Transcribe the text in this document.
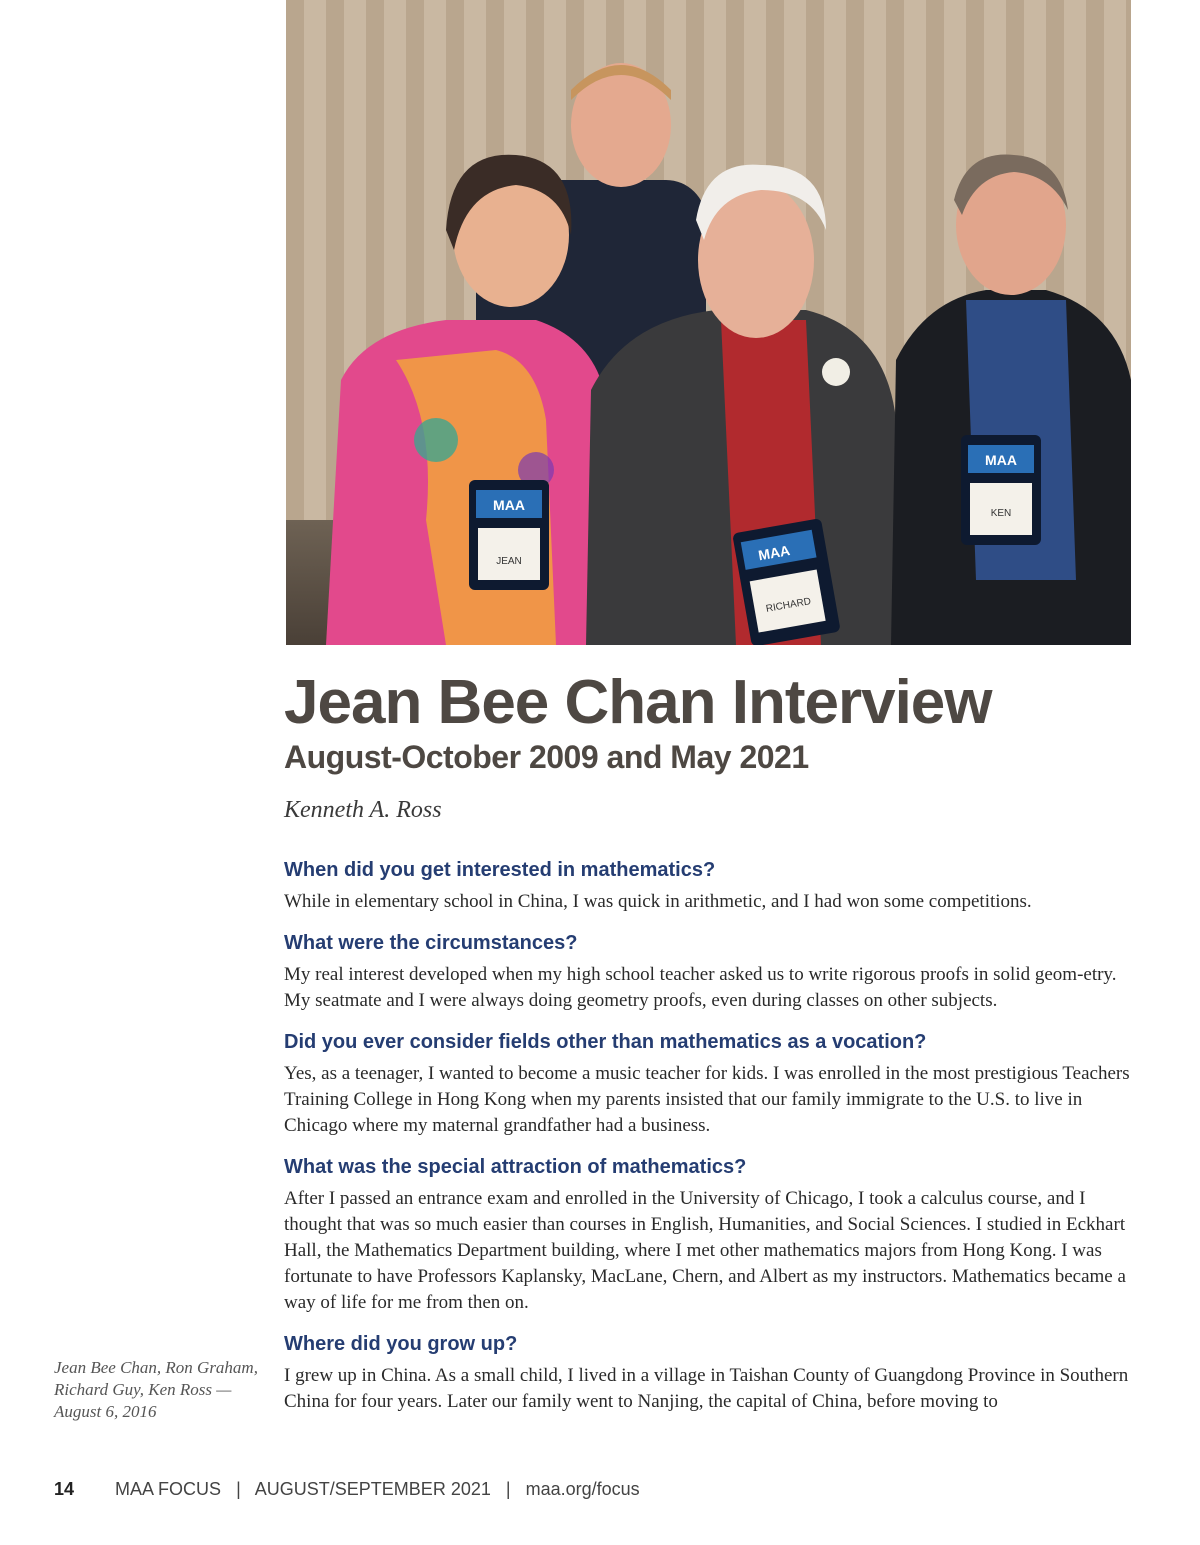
MAA
JEAN	MAA
RICHARD
MAA
KEN
Jean Bee Chan Interview
August-October 2009 and May 2021
Kenneth A. Ross
When did you get interested in mathematics?

While in elementary school in China, I was quick in arithmetic, and I had won some competitions.

What were the circumstances?

My real interest developed when my high school teacher asked us to write rigorous proofs in solid geom-etry. My seatmate and I were always doing geometry proofs, even during classes on other subjects.

Did you ever consider fields other than mathematics as a vocation?

Yes, as a teenager, I wanted to become a music teacher for kids. I was enrolled in the most prestigious Teachers Training College in Hong Kong when my parents insisted that our family immigrate to the U.S. to live in Chicago where my maternal grandfather had a business.

What was the special attraction of mathematics?

After I passed an entrance exam and enrolled in the University of Chicago, I took a calculus course, and I thought that was so much easier than courses in English, Humanities, and Social Sciences. I studied in Eckhart Hall, the Mathematics Department building, where I met other mathematics majors from Hong Kong. I was fortunate to have Professors Kaplansky, MacLane, Chern, and Albert as my instructors. Mathematics became a way of life for me from then on.

Where did you grow up?

I grew up in China. As a small child, I lived in a village in Taishan County of Guangdong Province in Southern China for four years. Later our family went to Nanjing, the capital of China, before moving to

Jean Bee Chan, Ron Graham, Richard Guy, Ken Ross — August 6, 2016
14 MAA FOCUS | AUGUST/SEPTEMBER 2021 | maa.org/focus
